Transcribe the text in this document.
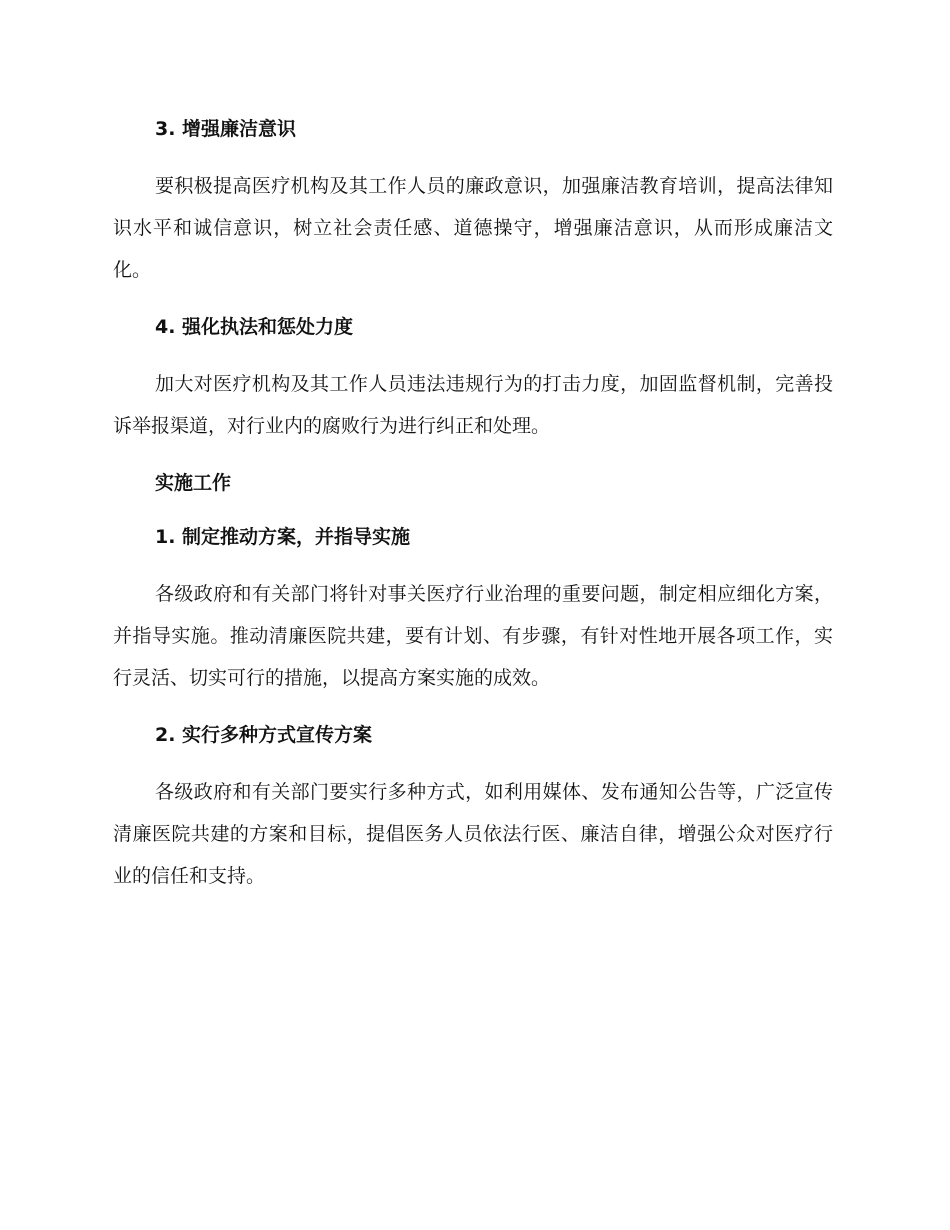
3. 增强廉洁意识

要积极提高医疗机构及其工作人员的廉政意识，加强廉洁教育培训，提高法律知识水平和诚信意识，树立社会责任感、道德操守，增强廉洁意识，从而形成廉洁文化。

4. 强化执法和惩处力度

加大对医疗机构及其工作人员违法违规行为的打击力度，加固监督机制，完善投诉举报渠道，对行业内的腐败行为进行纠正和处理。

实施工作

1. 制定推动方案，并指导实施

各级政府和有关部门将针对事关医疗行业治理的重要问题，制定相应细化方案，并指导实施。推动清廉医院共建，要有计划、有步骤，有针对性地开展各项工作，实行灵活、切实可行的措施，以提高方案实施的成效。

2. 实行多种方式宣传方案

各级政府和有关部门要实行多种方式，如利用媒体、发布通知公告等，广泛宣传清廉医院共建的方案和目标，提倡医务人员依法行医、廉洁自律，增强公众对医疗行业的信任和支持。
